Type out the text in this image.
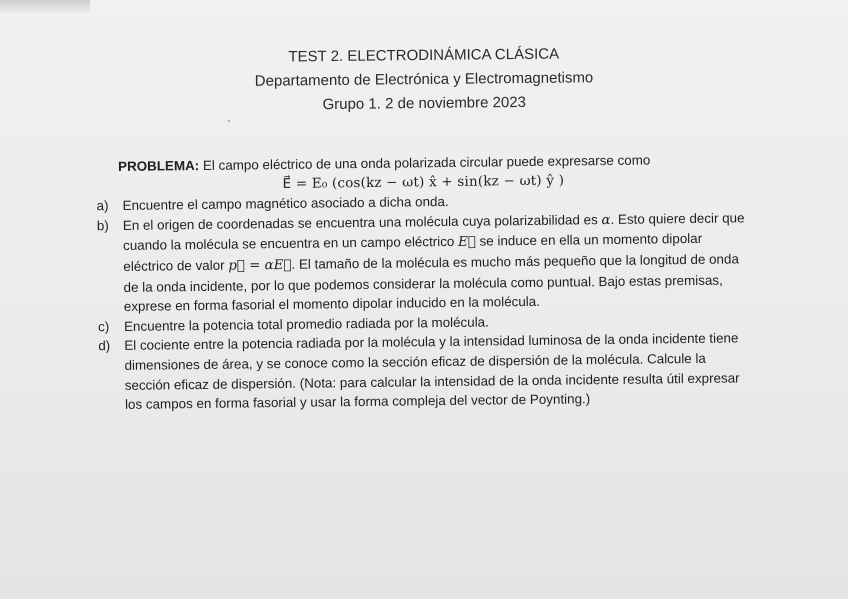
TEST 2. ELECTRODINÁMICA CLÁSICA
Departamento de Electrónica y Electromagnetismo
Grupo 1. 2 de noviembre 2023
PROBLEMA: El campo eléctrico de una onda polarizada circular puede expresarse como
E⃗ = E₀ (cos(kz − ωt) x̂ + sin(kz − ωt) ŷ )
a) Encuentre el campo magnético asociado a dicha onda.
b) En el origen de coordenadas se encuentra una molécula cuya polarizabilidad es α. Esto quiere decir que cuando la molécula se encuentra en un campo eléctrico E⃗ se induce en ella un momento dipolar eléctrico de valor p⃗ = αE⃗. El tamaño de la molécula es mucho más pequeño que la longitud de onda de la onda incidente, por lo que podemos considerar la molécula como puntual. Bajo estas premisas, exprese en forma fasorial el momento dipolar inducido en la molécula.
c) Encuentre la potencia total promedio radiada por la molécula.
d) El cociente entre la potencia radiada por la molécula y la intensidad luminosa de la onda incidente tiene dimensiones de área, y se conoce como la sección eficaz de dispersión de la molécula. Calcule la sección eficaz de dispersión. (Nota: para calcular la intensidad de la onda incidente resulta útil expresar los campos en forma fasorial y usar la forma compleja del vector de Poynting.)
